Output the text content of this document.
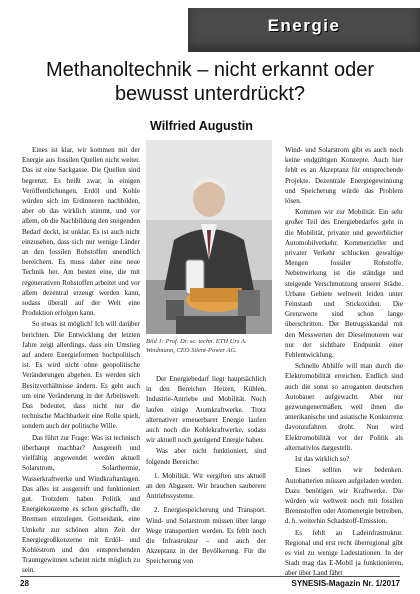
Energie
Methanoltechnik – nicht erkannt oder bewusst unterdrückt?
Wilfried Augustin

Eines ist klar, wir kommen mit der Energie aus fossilen Quellen nicht weiter. Das ist eine Sackgasse. Die Quellen sind begrenzt. Es heißt zwar, in einigen Veröffentlichungen, Erdöl und Kohle würden sich im Erdinneren nachbilden, aber ob das wirklich stimmt, und vor allem, ob die Nachbildung den steigenden Bedarf deckt, ist unklar. Es ist auch nicht einzusehen, dass sich nur wenige Länder an den fossilen Rohstoffen unendlich bereichern. Es muss daher eine neue Technik her. Am besten eine, die mit regenerativen Rohstoffen arbeitet und vor allem dezentral erzeugt werden kann, sodass überall auf der Welt eine Produktion erfolgen kann.

So etwas ist möglich! Ich will darüber berichten. Die Entwicklung der letzten Jahre zeigt allerdings, dass ein Umstieg auf andere Energieformen hochpolitisch ist. Es wird nicht ohne geopolitische Veränderungen abgehen. Es werden sich Besitzverhältnisse ändern. Es geht auch um eine Veränderung in der Arbeitswelt. Das bedeutet, dass nicht nur die technische Machbarkeit eine Rolle spielt, sondern auch der politische Wille.

Das führt zur Frage: Was ist technisch überhaupt machbar? Ausgereift und vielfältig angewendet werden aktuell Solarstrom, Solarthermie, Wasserkraftwerke und Windkraftanlagen. Das alles ist ausgereift und funktioniert gut. Trotzdem haben Politik und Energiekonzerne es schon geschafft, die Bremsen einzulegen. Gottseidank, eine Umkehr zur schönen alten Zeit der Energiegroßkonzerne mit Erdöl- und Kohlestrom und den entsprechenden Traumgewinnen scheint nicht möglich zu sein.

Bild 1: Prof. Dr. sc. techn. ETH Urs A. Weidmann, CEO Silent-Power AG.

Der Energiebedarf liegt hauptsächlich in den Bereichen Heizen, Kühlen, Industrie-Antriebe und Mobilität. Noch laufen einige Atomkraftwerke. Trotz alternativer erneuerbarer Energie laufen auch noch die Kohlekraftwerke, sodass wir aktuell noch genügend Energie haben.

Was aber nicht funktioniert, sind folgende Bereiche:

1. Mobilität. Wir vergiften uns aktuell an den Abgasen. Wir brauchen sauberere Antriebssysteme.
2. Energiespeicherung und Transport. Wind- und Solarstrom müssen über lange Wege transportiert werden. Es fehlt noch die Infrastruktur – und auch der Akzeptanz in der Bevölkerung. Für die Speicherung von

Wind- und Solarstrom gibt es auch noch keine endgültigen Konzepte. Auch hier fehlt es an Akzeptanz für entsprechende Projekte. Dezentrale Energiegewinnung und Speicherung würde das Problem lösen.

Kommen wir zur Mobilität. Ein sehr großer Teil des Energiebedarfes geht in die Mobilität, privater und gewerblicher Automobilverkehr. Kommerzieller und privater Verkehr schlucken gewaltige Mengen fossiler Rohstoffe. Nebenwirkung ist die ständige und steigende Verschmutzung unserer Städte. Urbane Gebiete weltweit leiden unter Feinstaub und Stickoxiden. Die Grenzwerte sind schon lange überschritten. Der Betrugsskandal mit den Messwerten der Dieselmotoren war nur der sichtbare Endpunkt einer Fehlentwicklung.

Schnelle Abhilfe will man durch die Elektromobilität erreichen. Endlich sind auch die sonst so arroganten deutschen Autobauer aufgewacht. Aber nur gezwungenermaßen, weil ihnen die amerikanische und asiatische Konkurrenz davonzufahren droht. Nun wird Elektromobilität vor der Politik als alternativlos dargestellt.

Ist das wirklich so?

Eines sollten wir bedenken. Autobatterien müssen aufgeladen werden. Dazu benötigen wir Kraftwerke. Die würden wir weltweit noch mit fossilen Brennstoffen oder Atomenergie betreiben, d. h. weiterhin Schadstoff-Emission.

Es fehlt an Ladeinfrastruktur. Regional und erst recht überregional gibt es viel zu wenige Ladestationen. In der Stadt mag das E-Mobil ja funktionieren, aber über Land fährt

28	SYNESIS-Magazin Nr. 1/2017
